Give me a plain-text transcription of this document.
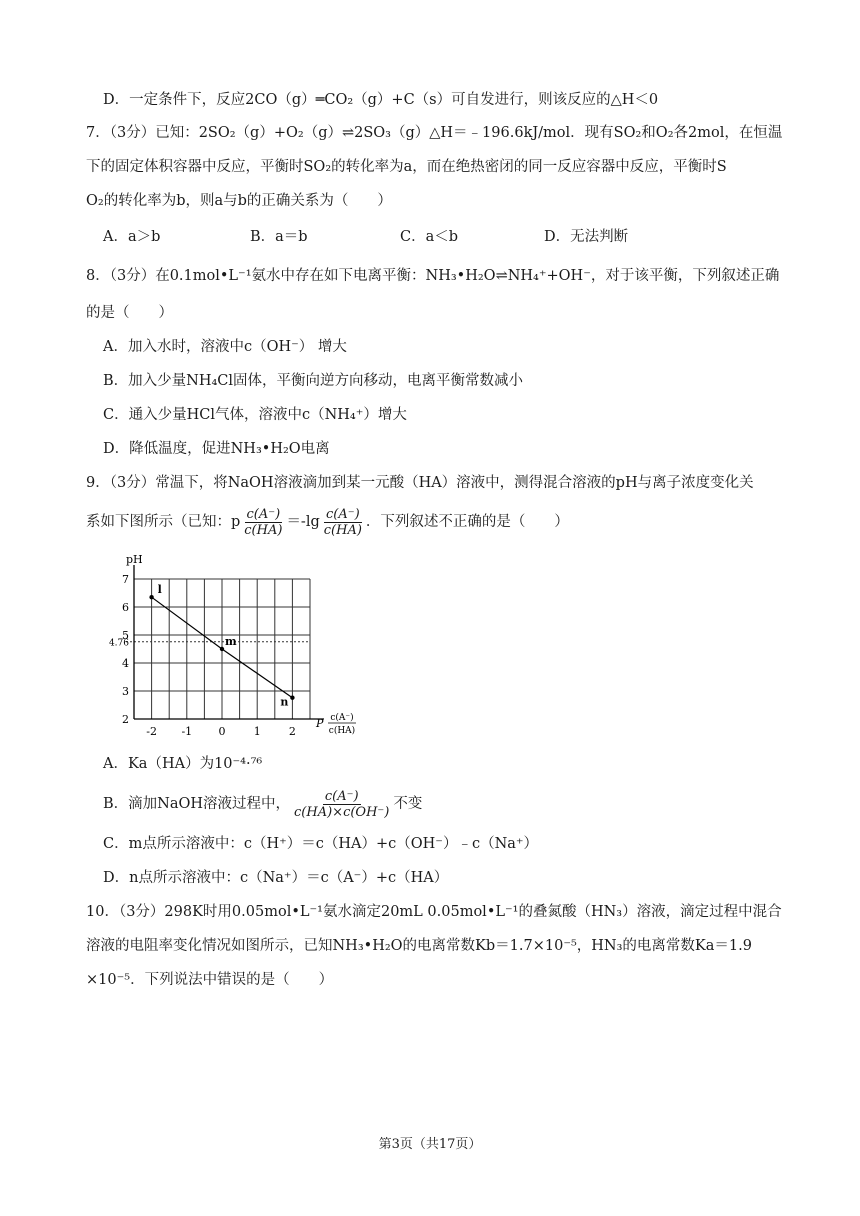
D．一定条件下，反应2CO（g）═CO₂（g）+C（s）可自发进行，则该反应的△H＜0
7．（3分）已知：2SO₂（g）+O₂（g）⇌2SO₃（g）△H＝﹣196.6kJ/mol．现有SO₂和O₂各2mol，在恒温
下的固定体积容器中反应，平衡时SO₂的转化率为a，而在绝热密闭的同一反应容器中反应，平衡时S
O₂的转化率为b，则a与b的正确关系为（　　）
A．a＞b	B．a＝b	C．a＜b	D．无法判断
8．（3分）在0.1mol•L⁻¹氨水中存在如下电离平衡：NH₃•H₂O⇌NH₄⁺+OH⁻，对于该平衡，下列叙述正确
的是（　　）
A．加入水时，溶液中c（OH⁻） 增大
B．加入少量NH₄Cl固体，平衡向逆方向移动，电离平衡常数减小
C．通入少量HCl气体，溶液中c（NH₄⁺）增大
D．降低温度，促进NH₃•H₂O电离
9．（3分）常温下，将NaOH溶液滴加到某一元酸（HA）溶液中，测得混合溶液的pH与离子浓度变化关
系如下图所示（已知：p $\frac{c(A^-)}{c(HA)} =-\lg \frac{c(A^-)}{c(HA)}$ ．下列叙述不正确的是（　　）
pH
2
3
4
4.76
5
6
7
-2 -1 0	1	2
P c(A⁻)
c(HA)
l
m
n
A．Ka（HA）为10⁻⁴·⁷⁶
B．滴加NaOH溶液过程中， $\frac{c(A^-)}{c(HA)\times c(OH^-)}$ 不变
C．m点所示溶液中：c（H⁺）＝c（HA）+c（OH⁻）﹣c（Na⁺）
D．n点所示溶液中：c（Na⁺）＝c（A⁻）+c（HA）
10．（3分）298K时用0.05mol•L⁻¹氨水滴定20mL 0.05mol•L⁻¹的叠氮酸（HN₃）溶液，滴定过程中混合
溶液的电阻率变化情况如图所示，已知NH₃•H₂O的电离常数Kb＝1.7×10⁻⁵，HN₃的电离常数Ka＝1.9
×10⁻⁵．下列说法中错误的是（　　）
第3页（共17页）
